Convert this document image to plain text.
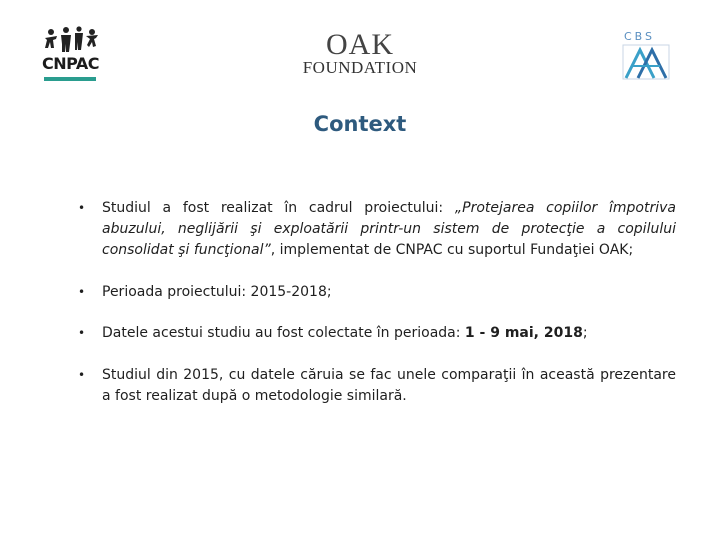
CNPAC
OAK
FOUNDATION
CBS
Context
• Studiul a fost realizat în cadrul proiectului: „Protejarea copiilor împotriva abuzului, neglijării şi exploatării printr-un sistem de protecţie a copilului consolidat şi funcţional”, implementat de CNPAC cu suportul Fundaţiei OAK;
• Perioada proiectului: 2015-2018;
• Datele acestui studiu au fost colectate în perioada: 1 - 9 mai, 2018;
• Studiul din 2015, cu datele căruia se fac unele comparaţii în această prezentare a fost realizat după o metodologie similară.
